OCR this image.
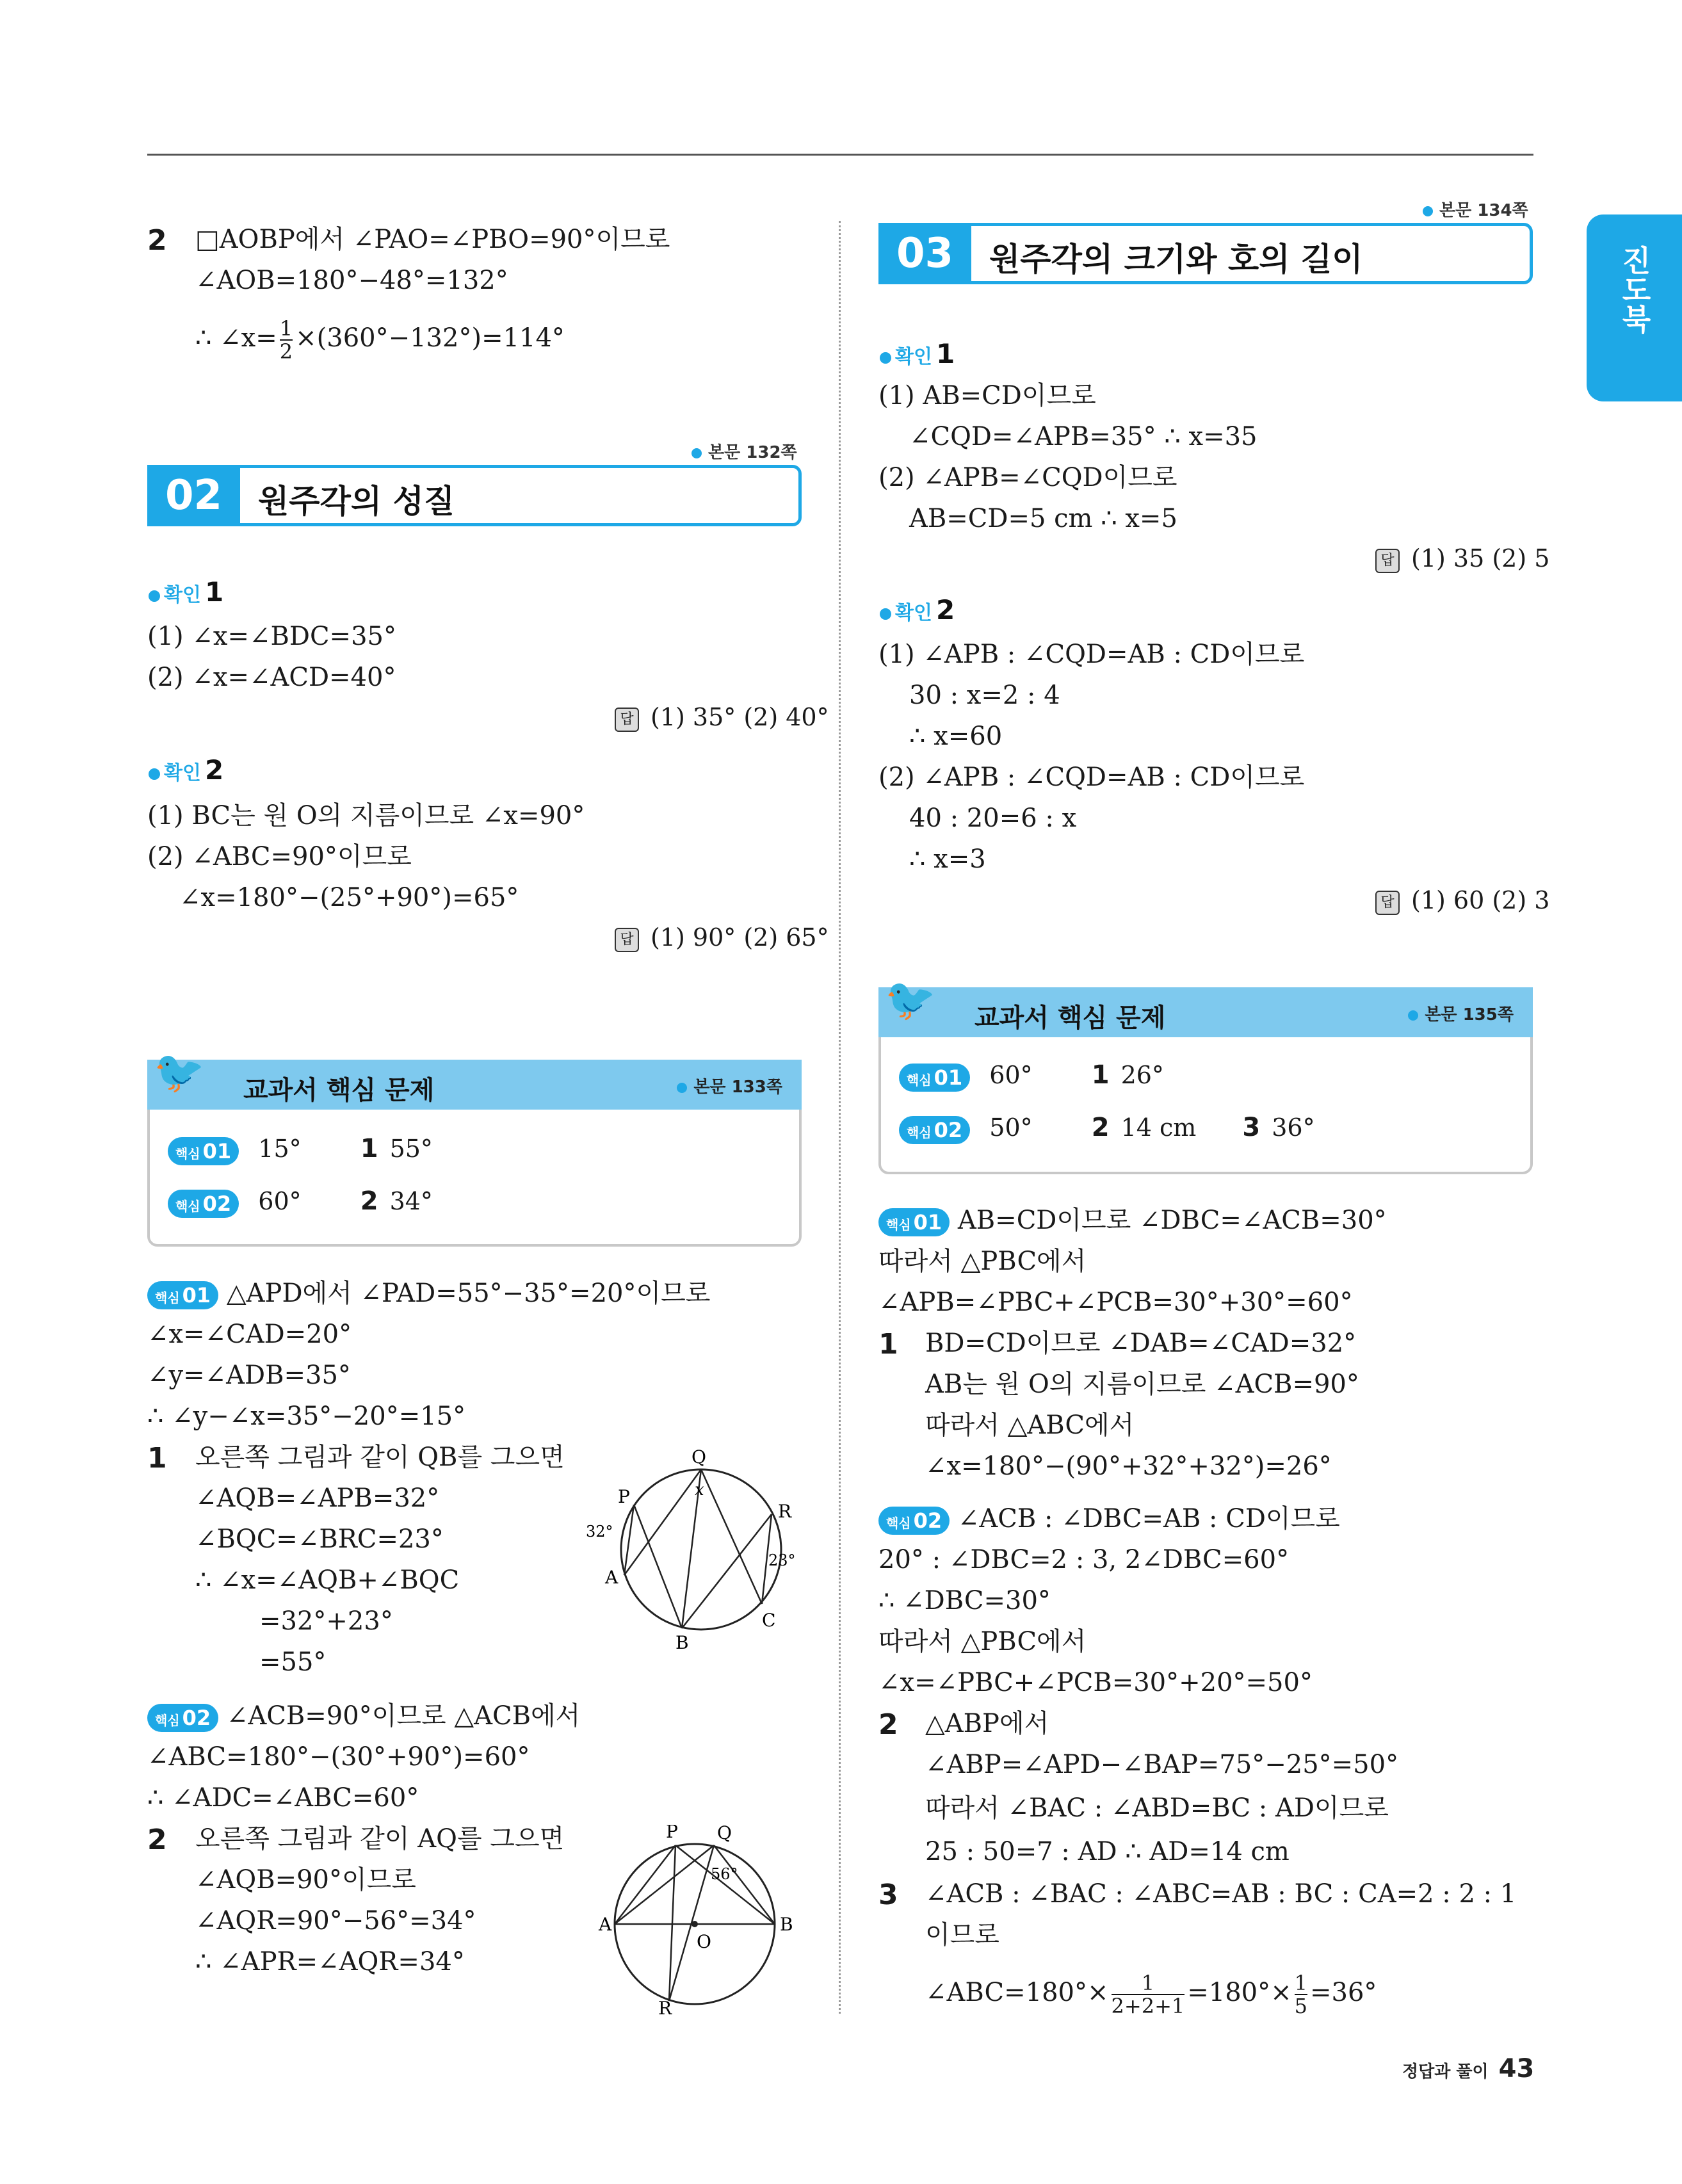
진도북
2 □AOBP에서 ∠PAO=∠PBO=90°이므로
∠AOB=180°−48°=132°
∴ ∠x= $\frac{1}{2} \times(360^\circ-132^\circ)=114^\circ$
본문 132쪽
02	원주각의 성질
확인 1
(1) ∠x=∠BDC=35°
(2) ∠x=∠ACD=40°
답 (1) 35° (2) 40°
확인 2
(1) BC는 원 O의 지름이므로 ∠x=90°
(2) ∠ABC=90°이므로
∠x=180°−(25°+90°)=65°
답 (1) 90° (2) 65°
🐦 교과서 핵심 문제	본문 133쪽
핵심 01 15° 1 55°
핵심 02 60° 2 34°
핵심 01 △APD에서 ∠PAD=55°−35°=20°이므로
∠x=∠CAD=20°
∠y=∠ADB=35°
∴ ∠y−∠x=35°−20°=15°
1 오른쪽 그림과 같이 QB를 그으면
∠AQB=∠APB=32°
∠BQC=∠BRC=23°
∴ ∠x=∠AQB+∠BQC
=32°+23°
=55°
Q
P
R
A
B
C
x
32°
23°
핵심 02 ∠ACB=90°이므로 △ACB에서
∠ABC=180°−(30°+90°)=60°
∴ ∠ADC=∠ABC=60°
2 오른쪽 그림과 같이 AQ를 그으면
∠AQB=90°이므로
∠AQR=90°−56°=34°
∴ ∠APR=∠AQR=34°
P Q
A	B
O
R
56°
본문 134쪽
03	원주각의 크기와 호의 길이
확인 1
(1) AB=CD이므로
∠CQD=∠APB=35° ∴ x=35
(2) ∠APB=∠CQD이므로
AB=CD=5 cm ∴ x=5
답 (1) 35 (2) 5
확인 2
(1) ∠APB : ∠CQD=AB : CD이므로
30 : x=2 : 4
∴ x=60
(2) ∠APB : ∠CQD=AB : CD이므로
40 : 20=6 : x
∴ x=3
답 (1) 60 (2) 3
🐦 교과서 핵심 문제	본문 135쪽
핵심 01 60° 1 26°
핵심 02 50° 2 14 cm 3 36°
핵심 01 AB=CD이므로 ∠DBC=∠ACB=30°
따라서 △PBC에서
∠APB=∠PBC+∠PCB=30°+30°=60°
1 BD=CD이므로 ∠DAB=∠CAD=32°
AB는 원 O의 지름이므로 ∠ACB=90°
따라서 △ABC에서
∠x=180°−(90°+32°+32°)=26°
핵심 02 ∠ACB : ∠DBC=AB : CD이므로
20° : ∠DBC=2 : 3, 2∠DBC=60°
∴ ∠DBC=30°
따라서 △PBC에서
∠x=∠PBC+∠PCB=30°+20°=50°
2 △ABP에서
∠ABP=∠APD−∠BAP=75°−25°=50°
따라서 ∠BAC : ∠ABD=BC : AD이므로
25 : 50=7 : AD ∴ AD=14 cm
3 ∠ACB : ∠BAC : ∠ABC=AB : BC : CA=2 : 2 : 1
이므로
∠ABC=180°× $\frac{1}{2+2+1} =180^\circ\times \frac{1}{5} =36^\circ$
정답과 풀이 43
